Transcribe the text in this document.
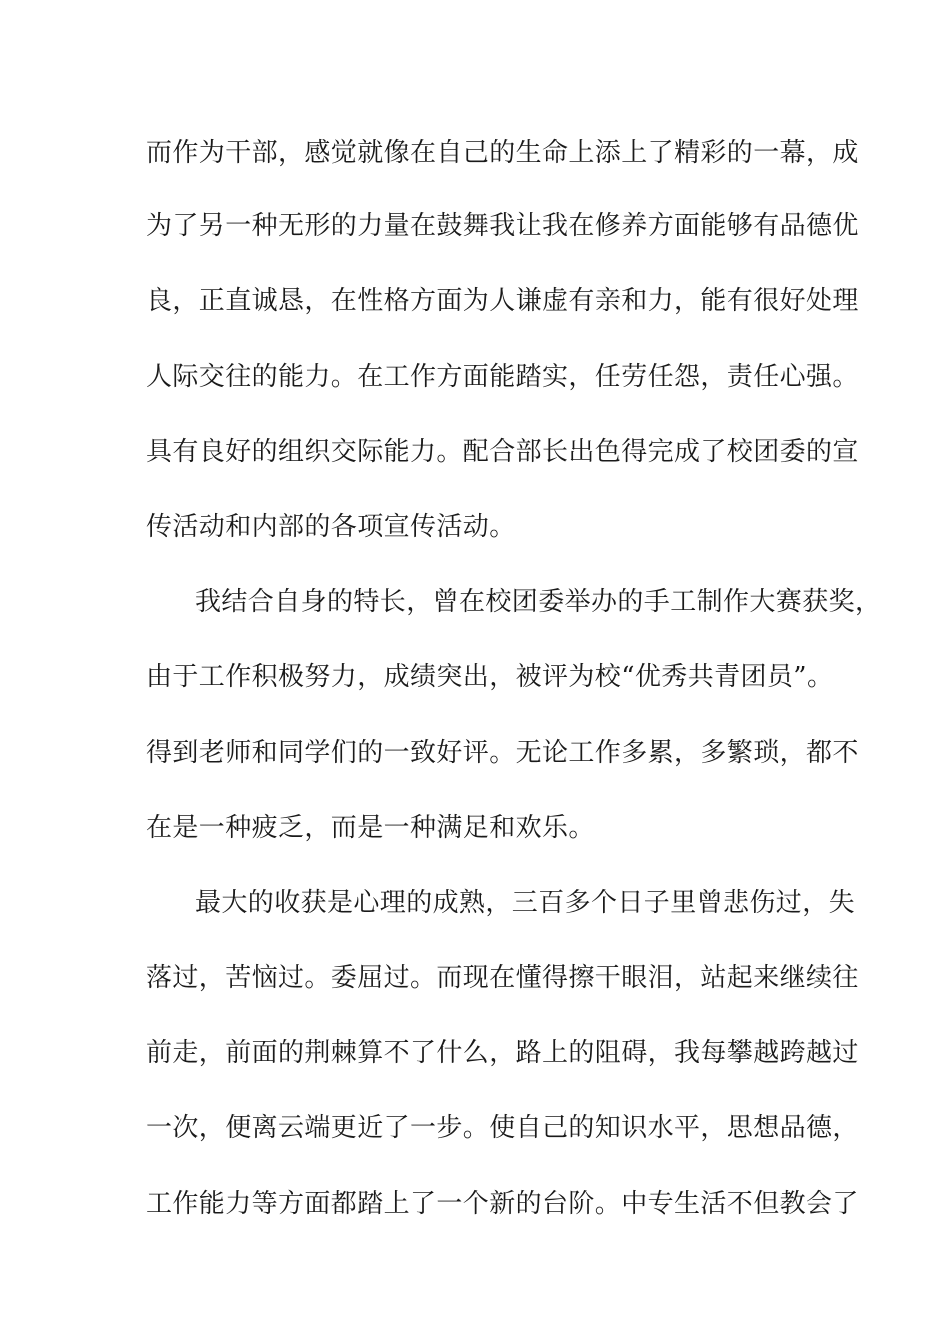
而作为干部，感觉就像在自己的生命上添上了精彩的一幕，成
为了另一种无形的力量在鼓舞我让我在修养方面能够有品德优
良，正直诚恳，在性格方面为人谦虚有亲和力，能有很好处理
人际交往的能力。在工作方面能踏实，任劳任怨，责任心强。
具有良好的组织交际能力。配合部长出色得完成了校团委的宣
传活动和内部的各项宣传活动。
我结合自身的特长，曾在校团委举办的手工制作大赛获奖，
由于工作积极努力，成绩突出，被评为校“优秀共青团员”。
得到老师和同学们的一致好评。无论工作多累，多繁琐，都不
在是一种疲乏，而是一种满足和欢乐。
最大的收获是心理的成熟，三百多个日子里曾悲伤过，失
落过，苦恼过。委屈过。而现在懂得擦干眼泪，站起来继续往
前走，前面的荆棘算不了什么，路上的阻碍，我每攀越跨越过
一次，便离云端更近了一步。使自己的知识水平，思想品德，
工作能力等方面都踏上了一个新的台阶。中专生活不但教会了
